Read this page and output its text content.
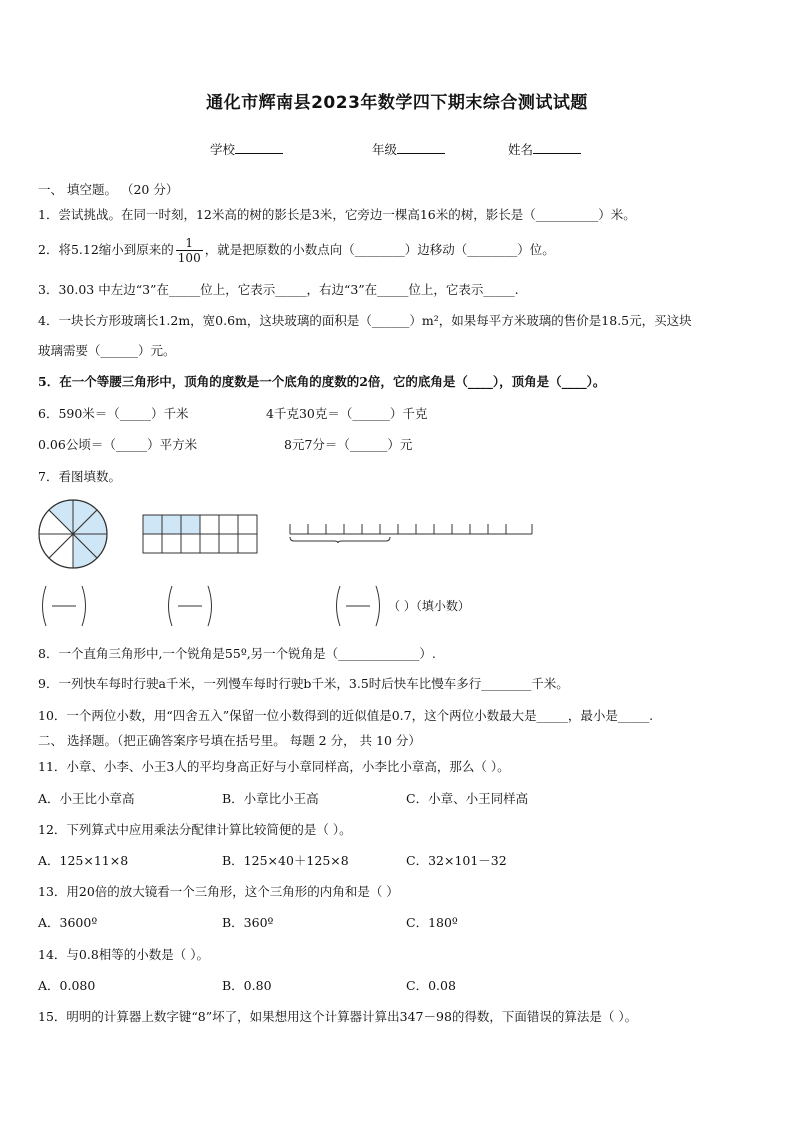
通化市辉南县2023年数学四下期末综合测试试题
学校	年级	姓名
一、 填空题。 （20 分）
1．尝试挑战。在同一时刻，12米高的树的影长是3米，它旁边一棵高16米的树，影长是（__________）米。
2．将5.12缩小到原来的 $\frac{1}{100}$ ，就是把原数的小数点向（________）边移动（________）位。
3．30.03 中左边“3”在_____位上，它表示_____，右边“3”在_____位上，它表示_____.
4．一块长方形玻璃长1.2m，宽0.6m，这块玻璃的面积是（______）m²，如果每平方米玻璃的售价是18.5元，买这块
玻璃需要（______）元。
5．在一个等腰三角形中，顶角的度数是一个底角的度数的2倍，它的底角是（____），顶角是（____）。
6．590米＝（_____）千米	4千克30克＝（______）千克
0.06公顷＝（_____）平方米	8元7分＝（______）元
7．看图填数。
（ ）（填小数）
8．一个直角三角形中,一个锐角是55º,另一个锐角是（_____________）.
9．一列快车每时行驶a千米，一列慢车每时行驶b千米，3.5时后快车比慢车多行________千米。
10．一个两位小数，用“四舍五入”保留一位小数得到的近似值是0.7，这个两位小数最大是_____，最小是_____.
二、 选择题。（把正确答案序号填在括号里。 每题 2 分， 共 10 分）
11．小章、小李、小王3人的平均身高正好与小章同样高，小李比小章高，那么（ ）。
A．小王比小章高	B．小章比小王高	C．小章、小王同样高
12．下列算式中应用乘法分配律计算比较简便的是（ ）。
A．125×11×8	B．125×40＋125×8	C．32×101－32
13．用20倍的放大镜看一个三角形，这个三角形的内角和是（ ）
A．3600º	B．360º	C．180º
14．与0.8相等的小数是（ ）。
A．0.080	B．0.80	C．0.08
15．明明的计算器上数字键“8”坏了，如果想用这个计算器计算出347－98的得数，下面错误的算法是（ ）。
